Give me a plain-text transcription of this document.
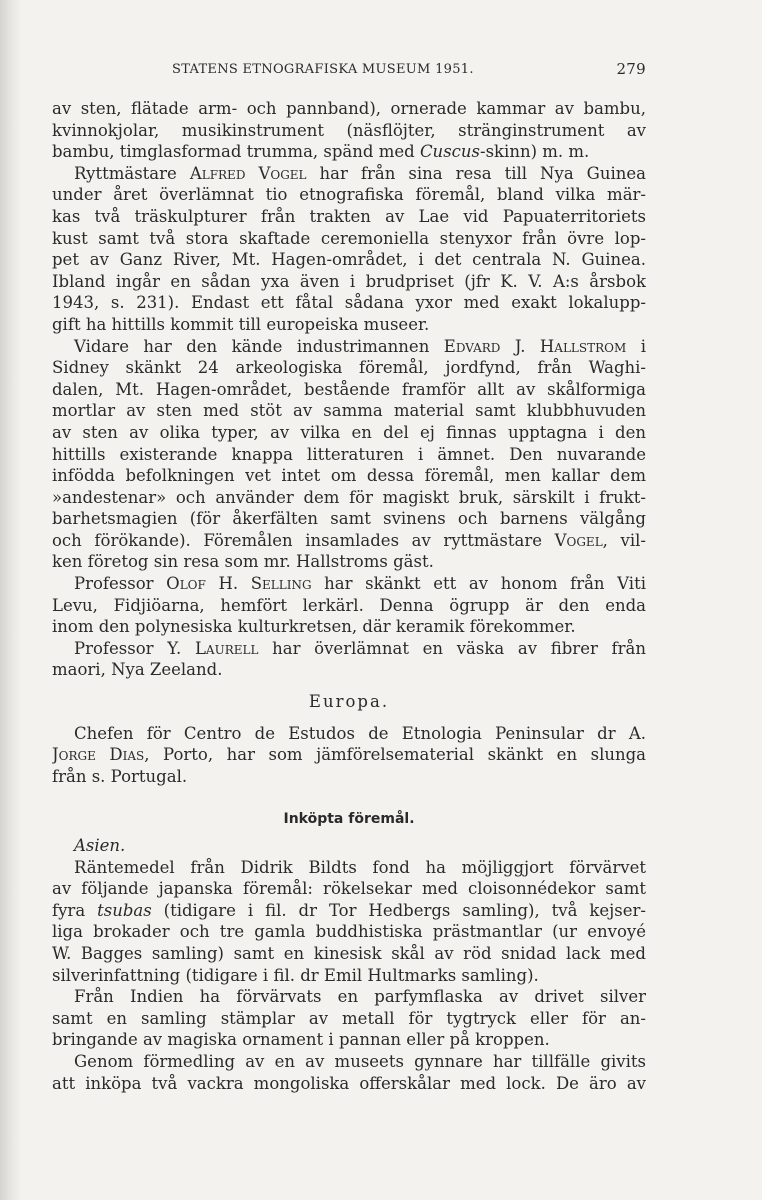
STATENS ETNOGRAFISKA MUSEUM 1951.	279
av sten, flätade arm- och pannband), ornerade kammar av bambu,
kvinnokjolar, musikinstrument (näsflöjter, stränginstrument av
bambu, timglasformad trumma, spänd med Cuscus-skinn) m. m.
Ryttmästare Alfred Vogel har från sina resa till Nya Guinea
under året överlämnat tio etnografiska föremål, bland vilka mär-
kas två träskulpturer från trakten av Lae vid Papuaterritoriets
kust samt två stora skaftade ceremoniella stenyxor från övre lop-
pet av Ganz River, Mt. Hagen-området, i det centrala N. Guinea.
Ibland ingår en sådan yxa även i brudpriset (jfr K. V. A:s årsbok
1943, s. 231). Endast ett fåtal sådana yxor med exakt lokalupp-
gift ha hittills kommit till europeiska museer.
Vidare har den kände industrimannen Edvard J. Hallstrom i
Sidney skänkt 24 arkeologiska föremål, jordfynd, från Waghi-
dalen, Mt. Hagen-området, bestående framför allt av skålformiga
mortlar av sten med stöt av samma material samt klubbhuvuden
av sten av olika typer, av vilka en del ej finnas upptagna i den
hittills existerande knappa litteraturen i ämnet. Den nuvarande
infödda befolkningen vet intet om dessa föremål, men kallar dem
»andestenar» och använder dem för magiskt bruk, särskilt i frukt-
barhetsmagien (för åkerfälten samt svinens och barnens välgång
och förökande). Föremålen insamlades av ryttmästare Vogel, vil-
ken företog sin resa som mr. Hallstroms gäst.
Professor Olof H. Selling har skänkt ett av honom från Viti
Levu, Fidjiöarna, hemfört lerkärl. Denna ögrupp är den enda
inom den polynesiska kulturkretsen, där keramik förekommer.
Professor Y. Laurell har överlämnat en väska av fibrer från
maori, Nya Zeeland.
Europa.
Chefen för Centro de Estudos de Etnologia Peninsular dr A.
Jorge Dias, Porto, har som jämförelsematerial skänkt en slunga
från s. Portugal.
Inköpta föremål.
Asien.
Räntemedel från Didrik Bildts fond ha möjliggjort förvärvet
av följande japanska föremål: rökelsekar med cloisonnédekor samt
fyra tsubas (tidigare i fil. dr Tor Hedbergs samling), två kejser-
liga brokader och tre gamla buddhistiska prästmantlar (ur envoyé
W. Bagges samling) samt en kinesisk skål av röd snidad lack med
silverinfattning (tidigare i fil. dr Emil Hultmarks samling).
Från Indien ha förvärvats en parfymflaska av drivet silver
samt en samling stämplar av metall för tygtryck eller för an-
bringande av magiska ornament i pannan eller på kroppen.
Genom förmedling av en av museets gynnare har tillfälle givits
att inköpa två vackra mongoliska offerskålar med lock. De äro av
